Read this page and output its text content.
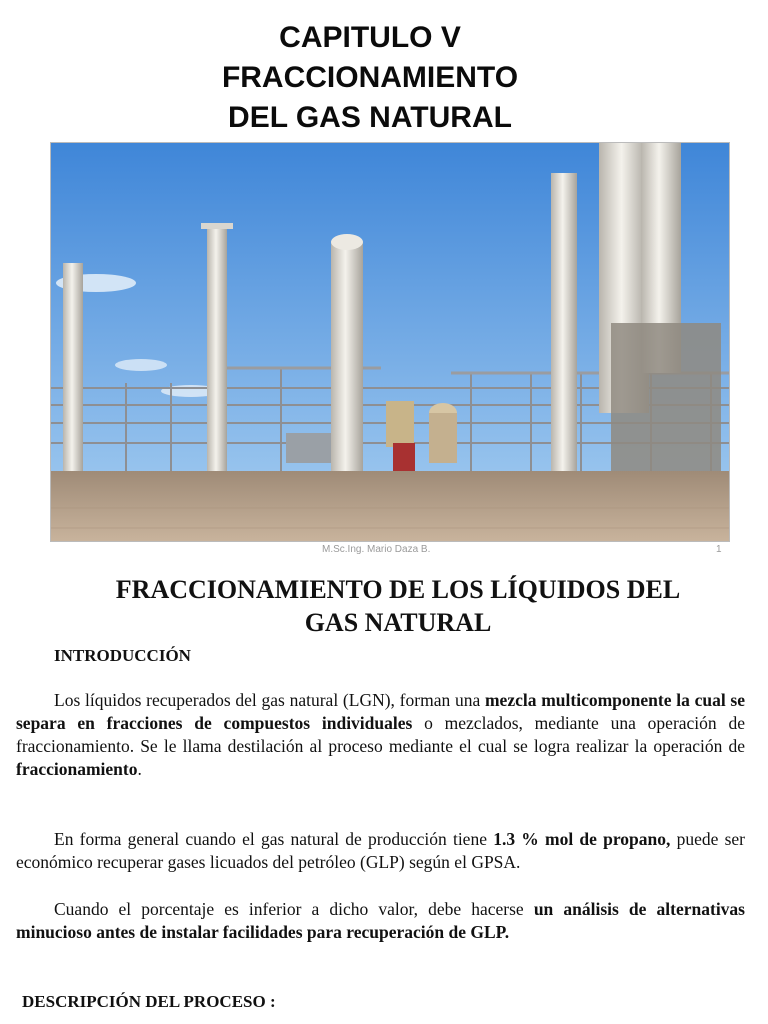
CAPITULO V
FRACCIONAMIENTO
DEL GAS NATURAL
M.Sc.Ing. Mario Daza B.	1
FRACCIONAMIENTO DE LOS LÍQUIDOS DEL
GAS NATURAL
INTRODUCCIÓN

Los líquidos recuperados del gas natural (LGN), forman una mezcla multicomponente la cual se separa en fracciones de compuestos individuales o mezclados, mediante una operación de fraccionamiento. Se le llama destilación al proceso mediante el cual se logra realizar la operación de fraccionamiento.

En forma general cuando el gas natural de producción tiene 1.3 % mol de propano, puede ser económico recuperar gases licuados del petróleo (GLP) según el GPSA.

Cuando el porcentaje es inferior a dicho valor, debe hacerse un análisis de alternativas minucioso antes de instalar facilidades para recuperación de GLP.

DESCRIPCIÓN DEL PROCESO :
